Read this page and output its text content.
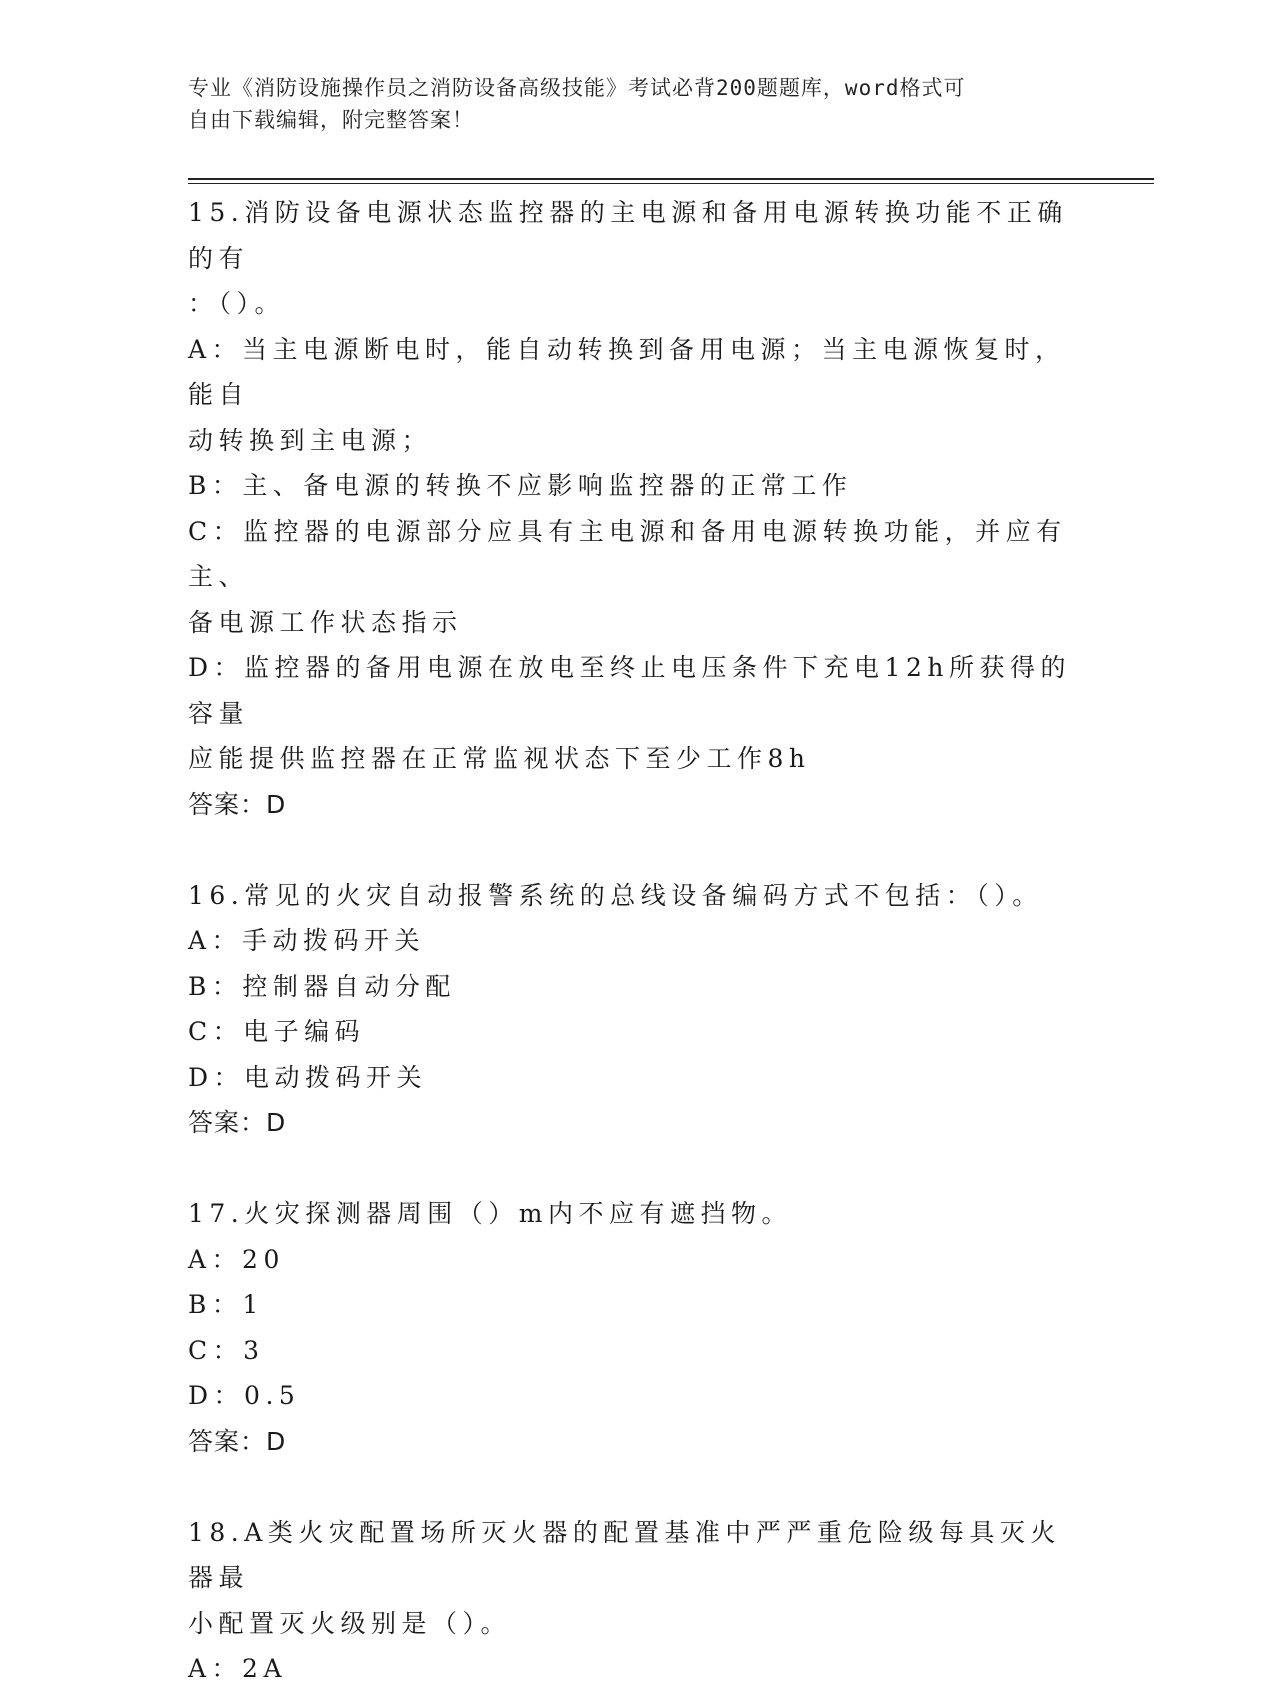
专业《消防设施操作员之消防设备高级技能》考试必背200题题库，word格式可
自由下载编辑，附完整答案！

15.消防设备电源状态监控器的主电源和备用电源转换功能不正确的有

：（）。

A：当主电源断电时，能自动转换到备用电源；当主电源恢复时，能自

动转换到主电源；

B：主、备电源的转换不应影响监控器的正常工作

C：监控器的电源部分应具有主电源和备用电源转换功能，并应有主、

备电源工作状态指示

D：监控器的备用电源在放电至终止电压条件下充电12h所获得的容量

应能提供监控器在正常监视状态下至少工作8h

答案：D

16.常见的火灾自动报警系统的总线设备编码方式不包括：（）。

A：手动拨码开关

B：控制器自动分配

C：电子编码

D：电动拨码开关

答案：D

17.火灾探测器周围（）m内不应有遮挡物。

A：20

B：1

C：3

D：0.5

答案：D

18.A类火灾配置场所灭火器的配置基准中严严重危险级每具灭火器最

小配置灭火级别是（）。

A：2A
